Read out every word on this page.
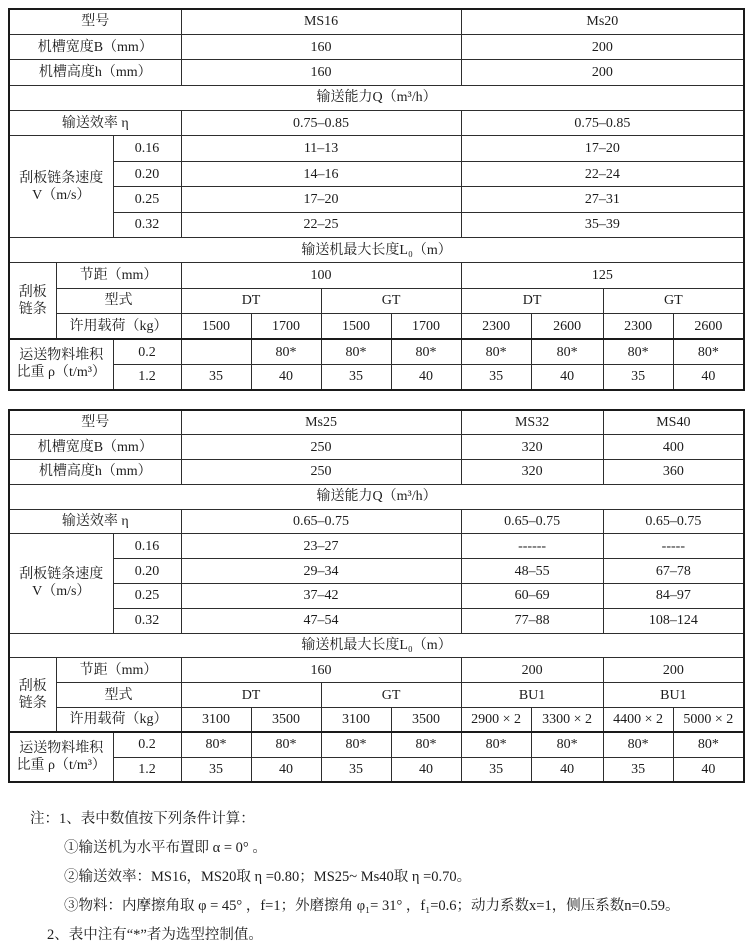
型号			MS16				Ms20			
机槽宽度B（mm）			160				200			
机槽高度h（mm）			160				200			
输送能力Q（m³/h）										
输送效率 η			0.75–0.85				0.75–0.85			

刮板链条速度
V（m/s）		0.16	11–13				17–20			
		0.20	14–16				22–24			
		0.25	17–20				27–31			
		0.32	22–25				35–39			
输送机最大长度L₀（m）										

刮板
链条	节距（mm）		100				125			
	型式		DT		GT		DT		GT	
	许用载荷（kg）		1500	1700	1500	1700	2300	2600	2300	2600

运送物料堆积
比重 ρ（t/m³）		0.2		80*	80*	80*	80*	80*	80*	80*
		1.2	35	40	35	40	35	40	35	40
型号			Ms25				MS32		MS40	
机槽宽度B（mm）			250				320		400	
机槽高度h（mm）			250				320		360	
输送能力Q（m³/h）										
输送效率 η			0.65–0.75				0.65–0.75		0.65–0.75	

刮板链条速度
V（m/s）		0.16	23–27				------		-----	
		0.20	29–34				48–55		67–78	
		0.25	37–42				60–69		84–97	
		0.32	47–54				77–88		108–124	
输送机最大长度L₀（m）										

刮板
链条	节距（mm）		160				200		200	
	型式		DT		GT		BU1		BU1	
	许用载荷（kg）		3100	3500	3100	3500	2900 × 2	3300 × 2	4400 × 2	5000 × 2

运送物料堆积
比重 ρ（t/m³）		0.2	80*	80*	80*	80*	80*	80*	80*	80*
		1.2	35	40	35	40	35	40	35	40
注：1、表中数值按下列条件计算：
①输送机为水平布置即 α = 0° 。
②输送效率：MS16，MS20取 η =0.80；MS25~ Ms40取 η =0.70。
③物料：内摩擦角取 φ = 45° ，f=1；外磨擦角 φ₁= 31° ，f₁=0.6；动力系数x=1，侧压系数n=0.59。
2、表中注有“*”者为选型控制值。
